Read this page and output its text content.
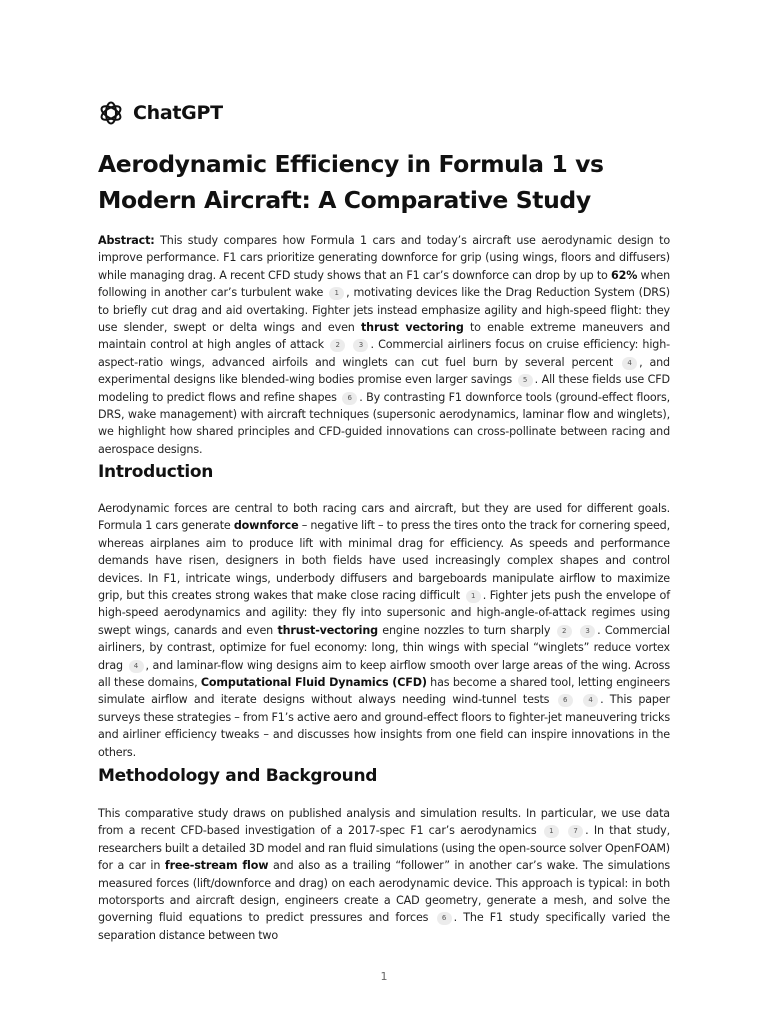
ChatGPT
Aerodynamic Efficiency in Formula 1 vs Modern Aircraft: A Comparative Study

Abstract: This study compares how Formula 1 cars and today’s aircraft use aerodynamic design to improve performance. F1 cars prioritize generating downforce for grip (using wings, floors and diffusers) while managing drag. A recent CFD study shows that an F1 car’s downforce can drop by up to 62% when following in another car’s turbulent wake 1 , motivating devices like the Drag Reduction System (DRS) to briefly cut drag and aid overtaking. Fighter jets instead emphasize agility and high-speed flight: they use slender, swept or delta wings and even thrust vectoring to enable extreme maneuvers and maintain control at high angles of attack 2	3 . Commercial airliners focus on cruise efficiency: high-aspect-ratio wings, advanced airfoils and winglets can cut fuel burn by several percent 4 , and experimental designs like blended-wing bodies promise even larger savings 5 . All these fields use CFD modeling to predict flows and refine shapes 6 . By contrasting F1 downforce tools (ground-effect floors, DRS, wake management) with aircraft techniques (supersonic aerodynamics, laminar flow and winglets), we highlight how shared principles and CFD-guided innovations can cross-pollinate between racing and aerospace designs.

Introduction

Aerodynamic forces are central to both racing cars and aircraft, but they are used for different goals. Formula 1 cars generate downforce – negative lift – to press the tires onto the track for cornering speed, whereas airplanes aim to produce lift with minimal drag for efficiency. As speeds and performance demands have risen, designers in both fields have used increasingly complex shapes and control devices. In F1, intricate wings, underbody diffusers and bargeboards manipulate airflow to maximize grip, but this creates strong wakes that make close racing difficult 1 . Fighter jets push the envelope of high-speed aerodynamics and agility: they fly into supersonic and high-angle-of-attack regimes using swept wings, canards and even thrust-vectoring engine nozzles to turn sharply 2	3 . Commercial airliners, by contrast, optimize for fuel economy: long, thin wings with special “winglets” reduce vortex drag 4 , and laminar-flow wing designs aim to keep airflow smooth over large areas of the wing. Across all these domains, Computational Fluid Dynamics (CFD) has become a shared tool, letting engineers simulate airflow and iterate designs without always needing wind-tunnel tests 6	4 . This paper surveys these strategies – from F1’s active aero and ground-effect floors to fighter-jet maneuvering tricks and airliner efficiency tweaks – and discusses how insights from one field can inspire innovations in the others.

Methodology and Background

This comparative study draws on published analysis and simulation results. In particular, we use data from a recent CFD-based investigation of a 2017-spec F1 car’s aerodynamics 1	7 . In that study, researchers built a detailed 3D model and ran fluid simulations (using the open-source solver OpenFOAM) for a car in free-stream flow and also as a trailing “follower” in another car’s wake. The simulations measured forces (lift/downforce and drag) on each aerodynamic device. This approach is typical: in both motorsports and aircraft design, engineers create a CAD geometry, generate a mesh, and solve the governing fluid equations to predict pressures and forces 6 . The F1 study specifically varied the separation distance between two

1
